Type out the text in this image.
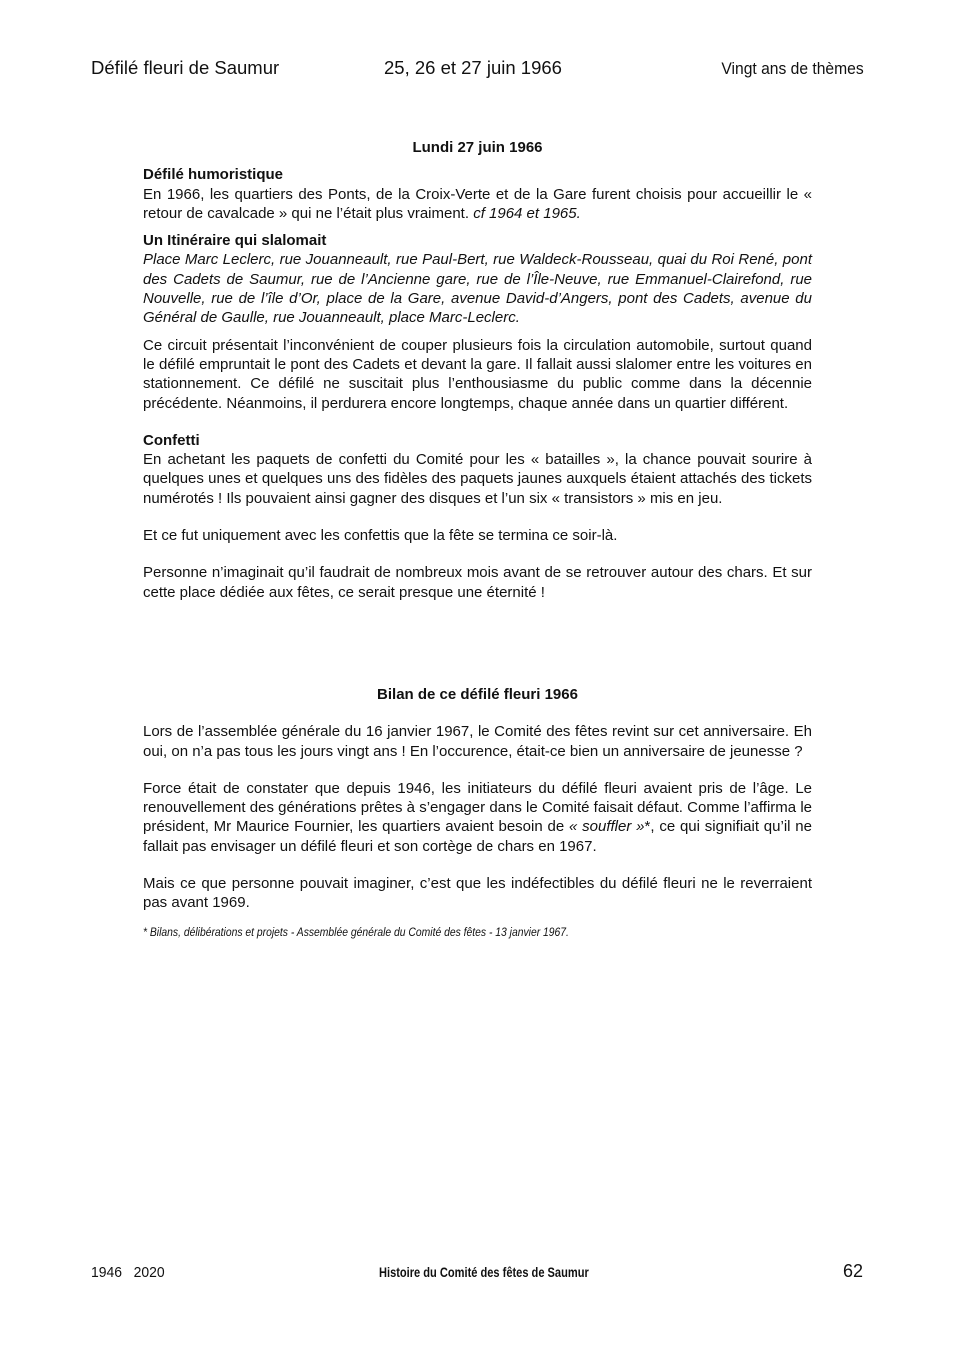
Défilé fleuri de Saumur	25, 26 et 27 juin 1966	Vingt ans de thèmes

Lundi 27 juin 1966

Défilé humoristique

En 1966, les quartiers des Ponts, de la Croix-Verte et de la Gare furent choisis pour accueillir le « retour de cavalcade » qui ne l’était plus vraiment. cf 1964 et 1965.

Un Itinéraire qui slalomait

Place Marc Leclerc, rue Jouanneault, rue Paul-Bert, rue Waldeck-Rousseau, quai du Roi René, pont des Cadets de Saumur, rue de l’Ancienne gare, rue de l’Île-Neuve, rue Emmanuel-Clairefond, rue Nouvelle, rue de l’île d’Or, place de la Gare, avenue David-d’Angers, pont des Cadets, avenue du Général de Gaulle, rue Jouanneault, place Marc-Leclerc.

Ce circuit présentait l’inconvénient de couper plusieurs fois la circulation automobile, surtout quand le défilé empruntait le pont des Cadets et devant la gare. Il fallait aussi slalomer entre les voitures en stationnement. Ce défilé ne suscitait plus l’enthousiasme du public comme dans la décennie précédente. Néanmoins, il perdurera encore longtemps, chaque année dans un quartier différent.

Confetti

En achetant les paquets de confetti du Comité pour les « batailles », la chance pouvait sourire à quelques unes et quelques uns des fidèles des paquets jaunes auxquels étaient attachés des tickets numérotés ! Ils pouvaient ainsi gagner des disques et l’un six « transistors » mis en jeu.

Et ce fut uniquement avec les confettis que la fête se termina ce soir-là.

Personne n’imaginait qu’il faudrait de nombreux mois avant de se retrouver autour des chars. Et sur cette place dédiée aux fêtes, ce serait presque une éternité !

Bilan de ce défilé fleuri 1966

Lors de l’assemblée générale du 16 janvier 1967, le Comité des fêtes revint sur cet anniversaire. Eh oui, on n’a pas tous les jours vingt ans ! En l’occurence, était-ce bien un anniversaire de jeunesse ?

Force était de constater que depuis 1946, les initiateurs du défilé fleuri avaient pris de l’âge. Le renouvellement des générations prêtes à s’engager dans le Comité faisait défaut. Comme l’affirma le président, Mr Maurice Fournier, les quartiers avaient besoin de « souffler »*, ce qui signifiait qu’il ne fallait pas envisager un défilé fleuri et son cortège de chars en 1967.

Mais ce que personne pouvait imaginer, c’est que les indéfectibles du défilé fleuri ne le reverraient pas avant 1969.

* Bilans, délibérations et projets - Assemblée générale du Comité des fêtes - 13 janvier 1967.

1946   2020	Histoire du Comité des fêtes de Saumur	62
